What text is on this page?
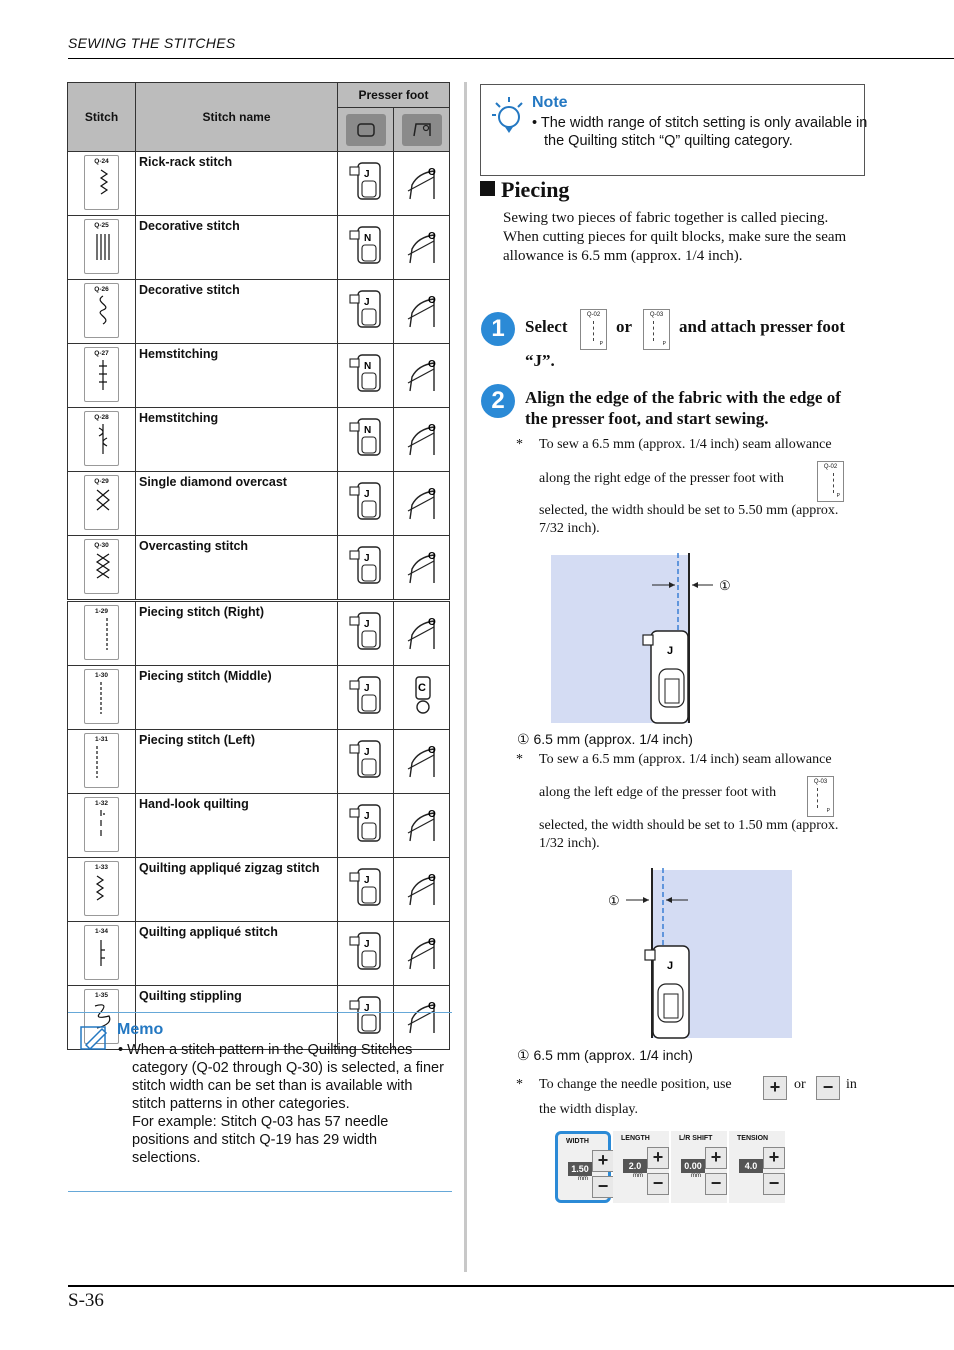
SEWING THE STITCHES
Stitch	Stitch name	Presser foot	

Q-24	Rick-rack stitch	J	O

Q-25	Decorative stitch	N	O

Q-26	Decorative stitch	J	O

Q-27	Hemstitching	N	O

Q-28	Hemstitching	N	O

Q-29	Single diamond overcast	J	O

Q-30	Overcasting stitch	J	O

1-29	Piecing stitch (Right)	J	O

1-30	Piecing stitch (Middle)	J	C

1-31	Piecing stitch (Left)	J	O

1-32	Hand-look quilting	J	O

1-33	Quilting appliqué zigzag stitch	J	O

1-34	Quilting appliqué stitch	J	O

1-35	Quilting stippling	J	O
Memo

• When a stitch pattern in the Quilting Stitches category (Q-02 through Q-30) is selected, a finer stitch width can be set than is available with stitch patterns in other categories.

For example: Stitch Q-03 has 57 needle positions and stitch Q-19 has 29 width selections.

Note
• The width range of stitch setting is only available in the Quilting stitch “Q” quilting category.
Piecing
Sewing two pieces of fabric together is called piecing. When cutting pieces for quilt blocks, make sure the seam allowance is 6.5 mm (approx. 1/4 inch).
1	Select
Q-02
P
or
Q-03
P
and attach presser foot
“J”.
2	Align the edge of the fabric with the edge of the presser foot, and start sewing.
* To sew a 6.5 mm (approx. 1/4 inch) seam allowance
along the right edge of the presser foot with
Q-02
P
selected, the width should be set to 5.50 mm (approx. 7/32 inch).
J
①
① 6.5 mm (approx. 1/4 inch)
* To sew a 6.5 mm (approx. 1/4 inch) seam allowance
along the left edge of the presser foot with
Q-03
P
selected, the width should be set to 1.50 mm (approx. 1/32 inch).
J
①
① 6.5 mm (approx. 1/4 inch)
* To change the needle position, use	+ or − in
the width display.
WIDTH
1.50
mm
+
−
LENGTH
2.0
mm
+
−
L/R SHIFT
0.00
mm
+
−
TENSION
4.0 +
−
S-36
